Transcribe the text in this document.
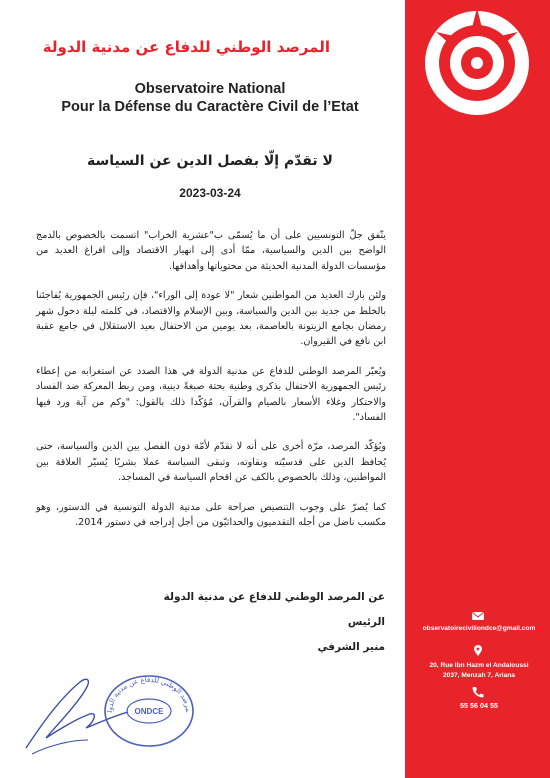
المرصد الوطني للدفاع عن مدنية الدولة
Observatoire National
Pour la Défense du Caractère Civil de l’Etat
لا تقدّم إلّا بفصل الدين عن السياسة
2023-03-24

يتّفق جلّ التونسيين على أن ما يُسمّى ب"عشرية الخراب" اتسمت بالخصوص بالدمج الواضح بين الدين والسياسية، ممّا أدى إلى انهيار الاقتصاد وإلى افراغ العديد من مؤسسات الدولة المدنية الحديثة من محتوياتها وأهدافها.

ولئن بارك العديد من المواطنين شعار "لا عودة إلى الوراء"، فإن رئيس الجمهورية يُفاجئنا بالخلط من جديد بين الدين والسياسة، وبين الإسلام والاقتصاد، في كلمته ليلة دخول شهر رمضان بجامع الزيتونة بالعاصمة، بعد يومين من الاحتفال بعيد الاستقلال في جامع عقبة ابن نافع في القيروان.

ويُعبّر المرصد الوطني للدفاع عن مدنية الدولة في هذا الصدد عن استغرابه من إعطاء رئيس الجمهورية الاحتفال بذكرى وطنية بحتة صبغةً دينية، ومن ربط المعركة ضد الفساد والاحتكار وغلاء الأسعار بالصيام والقرآن، مُؤكّدا ذلك بالقول: "وكم من آية ورد فيها الفساد".

ويُؤكّد المرصد، مرّة أخرى على أنه لا تقدّم لأمّة دون الفصل بين الدين والسياسة، حتى يُحافظ الدين على قدسيّته ونقاوته، وتبقى السياسة عملا بشريًا يُسيّر العلاقة بين المواطنين، وذلك بالخصوص بالكف عن اقحام السياسة في المساجد.

كما يُصرّ على وجوب التنصيص صراحة على مدنية الدولة التونسية في الدستور، وهو مكسب ناضل من أجله التقدميون والحداثيّون من أجل إدراجه في دستور 2014.

عن المرصد الوطني للدفاع عن مدنية الدولة
الرئيس
منير الشرفي
مرصد الوطني للدفاع عن مدنية الدول	ONDCE
observatoireciviliondce@gmail.com
20, Rue Ibn Hazm el Andaloussi
2037, Menzah 7, Ariana
55 56 04 55
